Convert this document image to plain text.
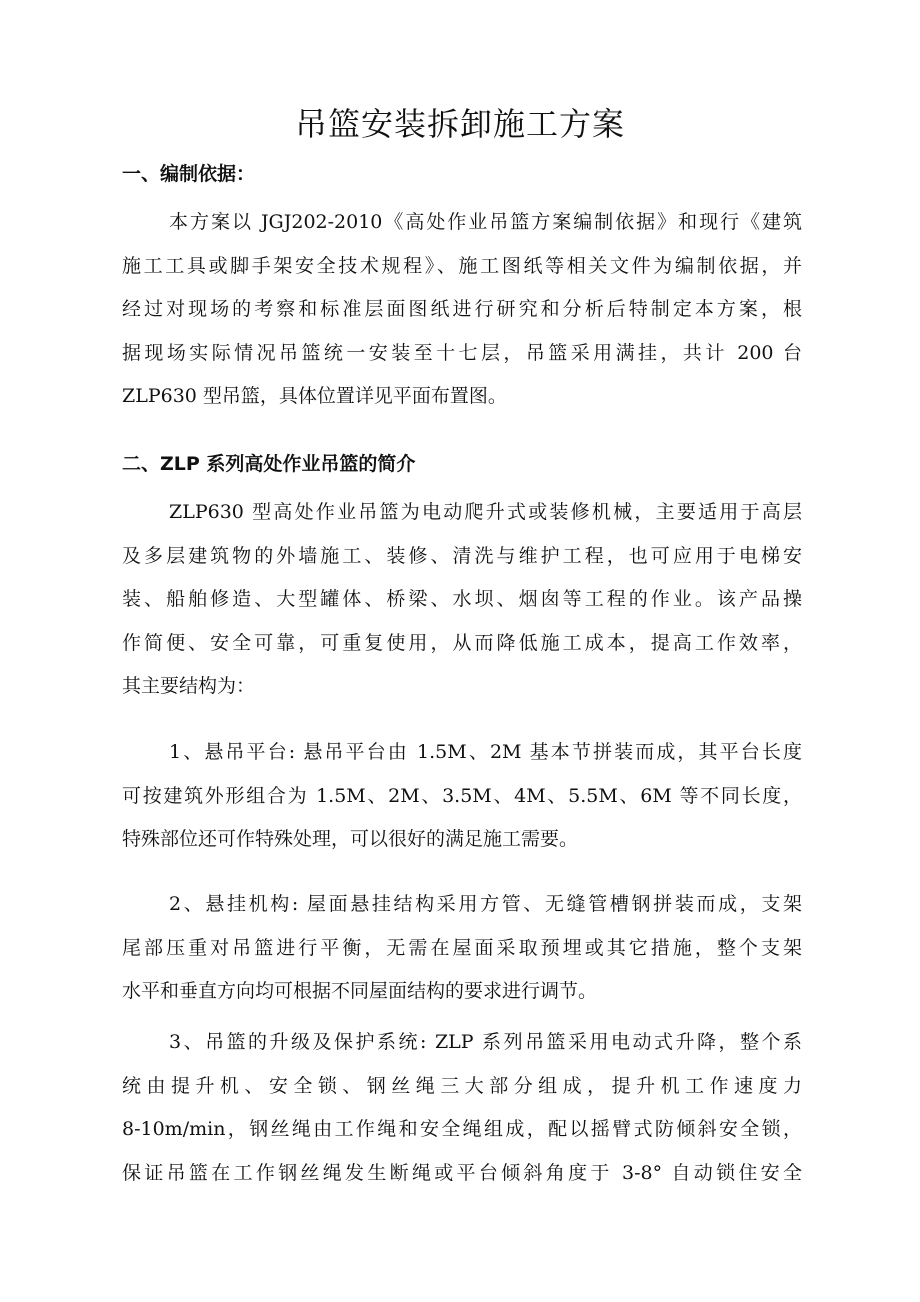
吊篮安装拆卸施工方案
一、编制依据：
本方案以 JGJ202-2010《高处作业吊篮方案编制依据》和现行《建筑
施工工具或脚手架安全技术规程》、施工图纸等相关文件为编制依据，并
经过对现场的考察和标准层面图纸进行研究和分析后特制定本方案，根
据现场实际情况吊篮统一安装至十七层，吊篮采用满挂，共计 200 台
ZLP630 型吊篮，具体位置详见平面布置图。
二、ZLP 系列高处作业吊篮的简介
ZLP630 型高处作业吊篮为电动爬升式或装修机械，主要适用于高层
及多层建筑物的外墙施工、装修、清洗与维护工程，也可应用于电梯安
装、船舶修造、大型罐体、桥梁、水坝、烟囱等工程的作业。该产品操
作简便、安全可靠，可重复使用，从而降低施工成本，提高工作效率，
其主要结构为：
1、悬吊平台: 悬吊平台由 1.5M、2M 基本节拼装而成，其平台长度
可按建筑外形组合为 1.5M、2M、3.5M、4M、5.5M、6M 等不同长度，
特殊部位还可作特殊处理，可以很好的满足施工需要。
2、悬挂机构: 屋面悬挂结构采用方管、无缝管槽钢拼装而成，支架
尾部压重对吊篮进行平衡，无需在屋面采取预埋或其它措施，整个支架
水平和垂直方向均可根据不同屋面结构的要求进行调节。
3、吊篮的升级及保护系统: ZLP 系列吊篮采用电动式升降，整个系
统由提升机、安全锁、钢丝绳三大部分组成，提升机工作速度力
8-10m/min，钢丝绳由工作绳和安全绳组成，配以摇臂式防倾斜安全锁，
保证吊篮在工作钢丝绳发生断绳或平台倾斜角度于 3-8° 自动锁住安全
